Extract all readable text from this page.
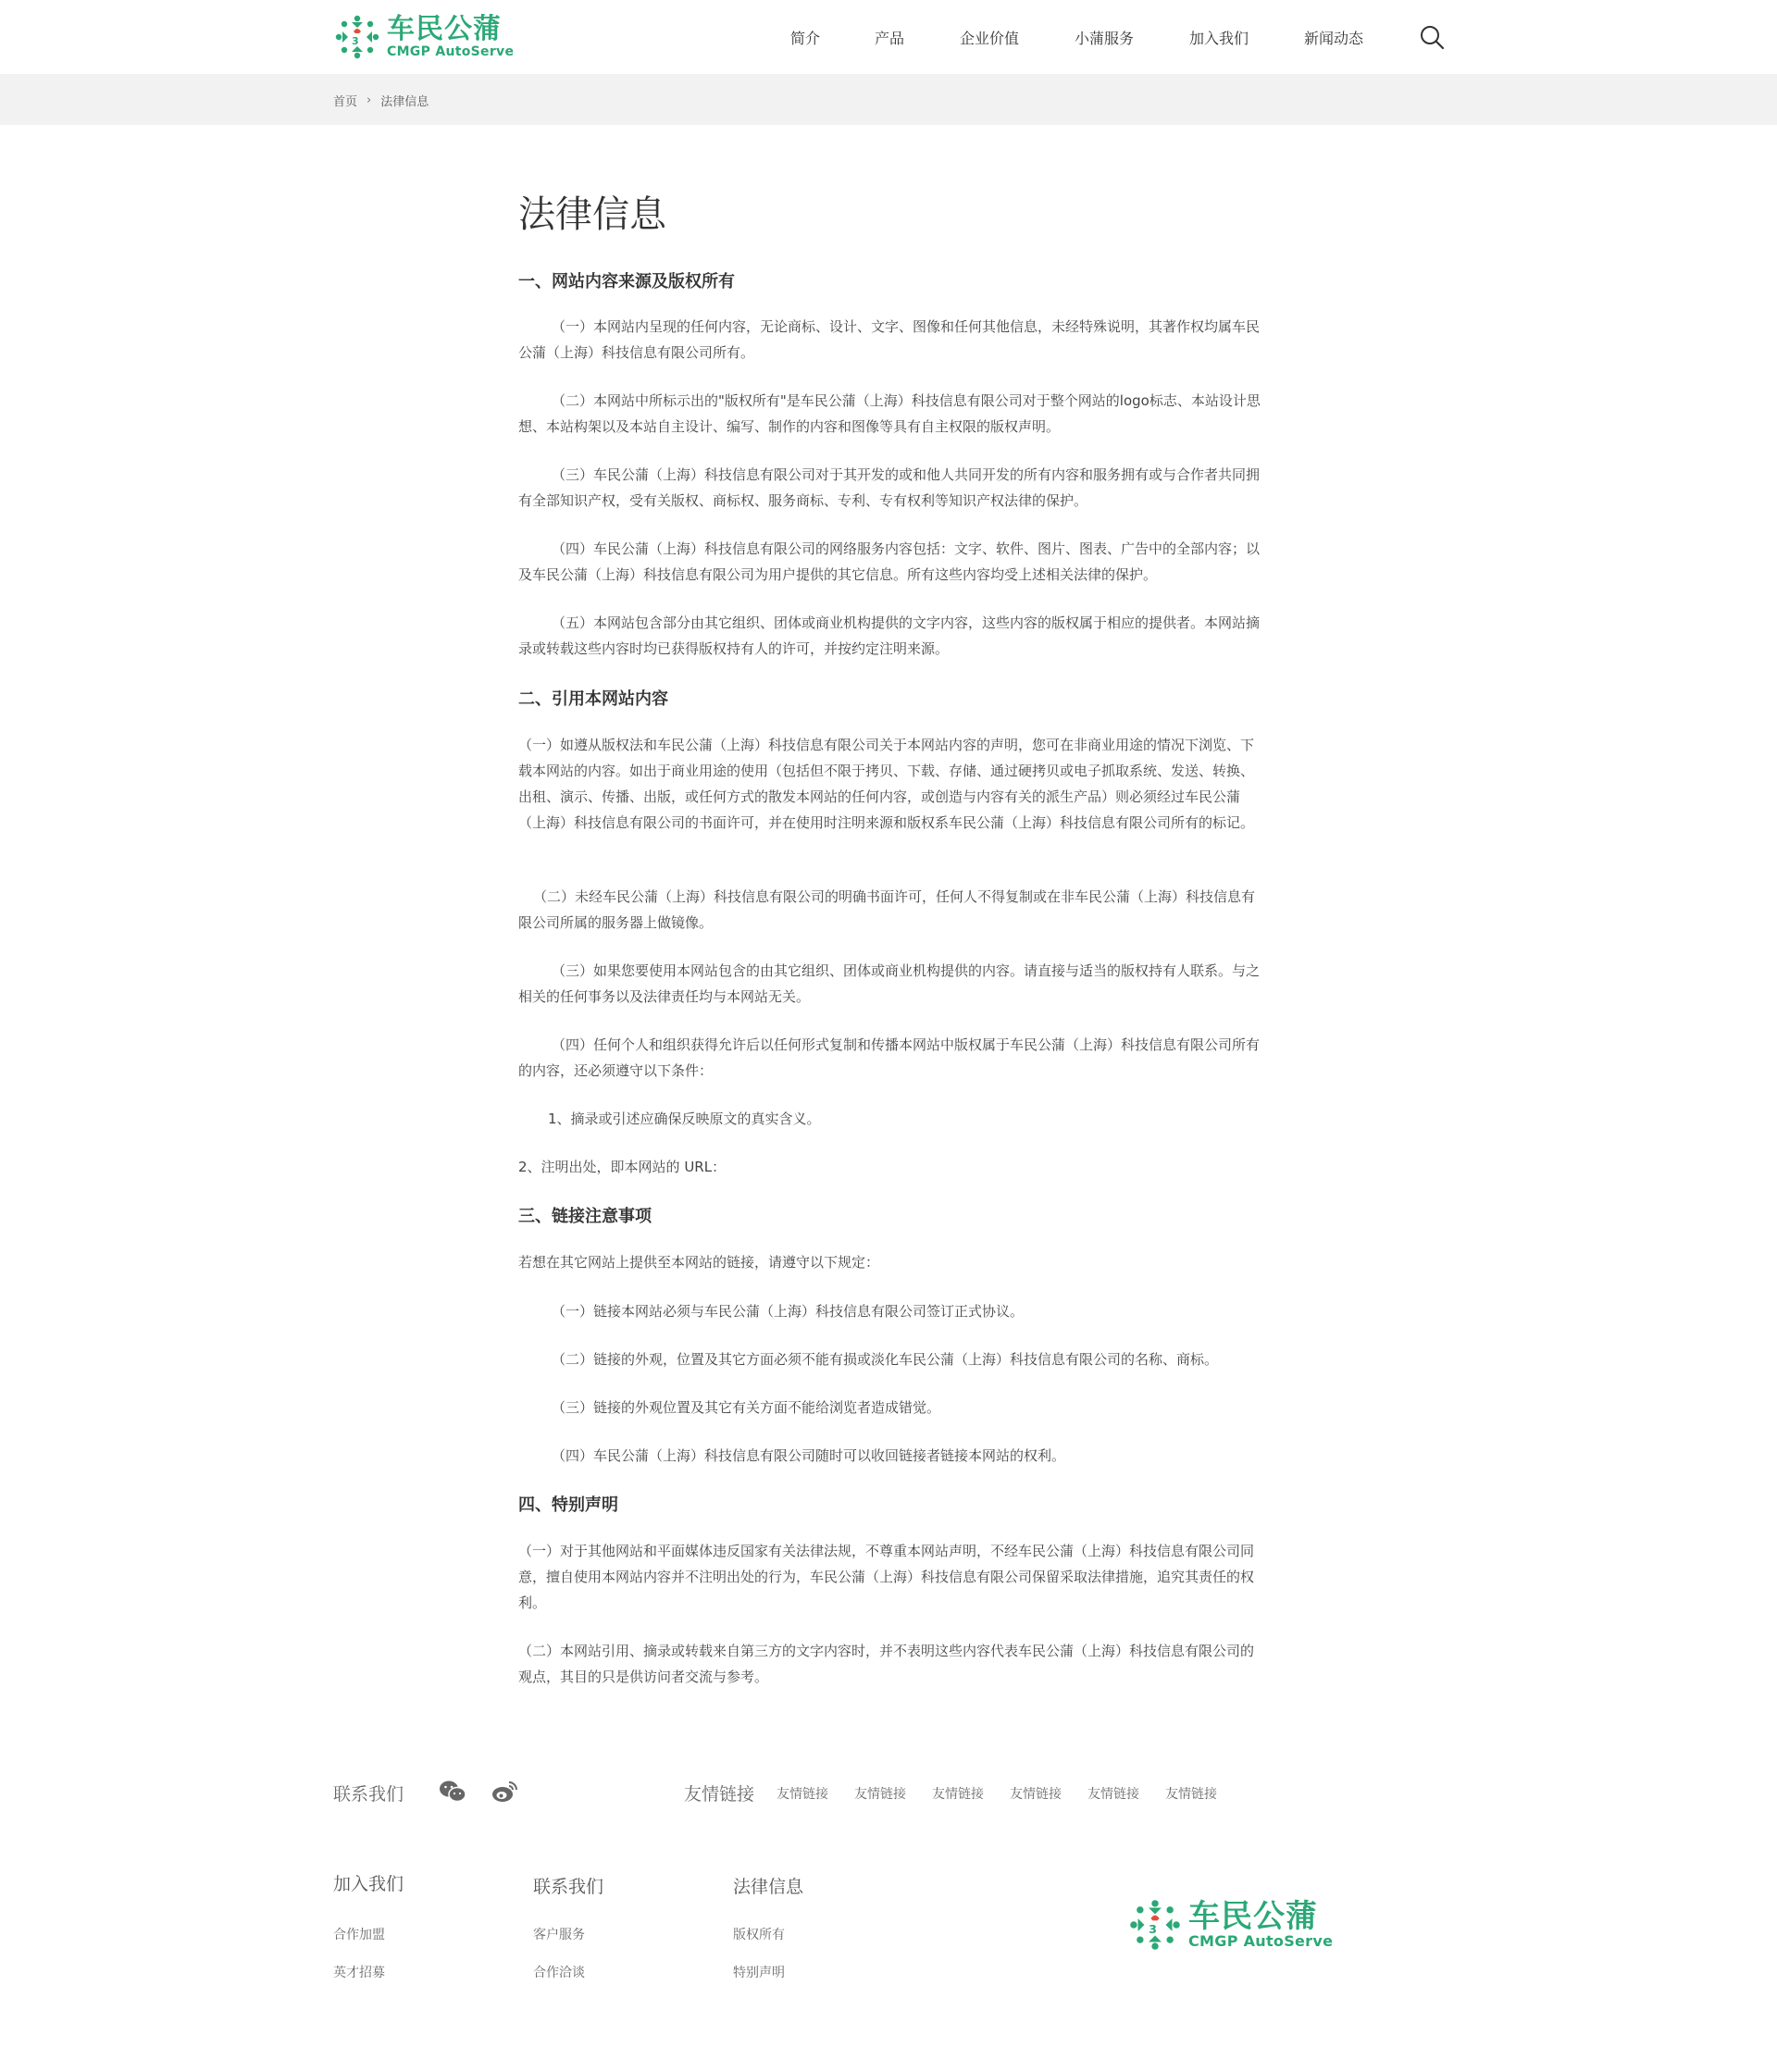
3 车民公蒲
CMGP AutoServe
简介	产品	企业价值	小蒲服务	加入我们	新闻动态
首页 › 法律信息
法律信息
一、网站内容来源及版权所有

（一）本网站内呈现的任何内容，无论商标、设计、文字、图像和任何其他信息，未经特殊说明，其著作权均属车民公蒲（上海）科技信息有限公司所有。

（二）本网站中所标示出的"版权所有"是车民公蒲（上海）科技信息有限公司对于整个网站的logo标志、本站设计思想、本站构架以及本站自主设计、编写、制作的内容和图像等具有自主权限的版权声明。

（三）车民公蒲（上海）科技信息有限公司对于其开发的或和他人共同开发的所有内容和服务拥有或与合作者共同拥有全部知识产权，受有关版权、商标权、服务商标、专利、专有权利等知识产权法律的保护。

（四）车民公蒲（上海）科技信息有限公司的网络服务内容包括：文字、软件、图片、图表、广告中的全部内容；以及车民公蒲（上海）科技信息有限公司为用户提供的其它信息。所有这些内容均受上述相关法律的保护。

（五）本网站包含部分由其它组织、团体或商业机构提供的文字内容，这些内容的版权属于相应的提供者。本网站摘录或转载这些内容时均已获得版权持有人的许可，并按约定注明来源。

二、引用本网站内容

（一）如遵从版权法和车民公蒲（上海）科技信息有限公司关于本网站内容的声明，您可在非商业用途的情况下浏览、下载本网站的内容。如出于商业用途的使用（包括但不限于拷贝、下载、存储、通过硬拷贝或电子抓取系统、发送、转换、出租、演示、传播、出版，或任何方式的散发本网站的任何内容，或创造与内容有关的派生产品）则必须经过车民公蒲（上海）科技信息有限公司的书面许可，并在使用时注明来源和版权系车民公蒲（上海）科技信息有限公司所有的标记。

（二）未经车民公蒲（上海）科技信息有限公司的明确书面许可，任何人不得复制或在非车民公蒲（上海）科技信息有限公司所属的服务器上做镜像。

（三）如果您要使用本网站包含的由其它组织、团体或商业机构提供的内容。请直接与适当的版权持有人联系。与之相关的任何事务以及法律责任均与本网站无关。

（四）任何个人和组织获得允许后以任何形式复制和传播本网站中版权属于车民公蒲（上海）科技信息有限公司所有的内容，还必须遵守以下条件：

1、摘录或引述应确保反映原文的真实含义。

2、注明出处，即本网站的 URL：

三、链接注意事项

若想在其它网站上提供至本网站的链接，请遵守以下规定：

（一）链接本网站必须与车民公蒲（上海）科技信息有限公司签订正式协议。

（二）链接的外观，位置及其它方面必须不能有损或淡化车民公蒲（上海）科技信息有限公司的名称、商标。

（三）链接的外观位置及其它有关方面不能给浏览者造成错觉。

（四）车民公蒲（上海）科技信息有限公司随时可以收回链接者链接本网站的权利。

四、特别声明

（一）对于其他网站和平面媒体违反国家有关法律法规，不尊重本网站声明，不经车民公蒲（上海）科技信息有限公司同意，擅自使用本网站内容并不注明出处的行为，车民公蒲（上海）科技信息有限公司保留采取法律措施，追究其责任的权利。

（二）本网站引用、摘录或转载来自第三方的文字内容时，并不表明这些内容代表车民公蒲（上海）科技信息有限公司的观点，其目的只是供访问者交流与参考。

联系我们	友情链接 友情链接 友情链接 友情链接 友情链接 友情链接 友情链接
加入我们
合作加盟
英才招募
联系我们
客户服务
合作洽谈
法律信息
版权所有
特别声明
3 车民公蒲
CMGP AutoServe
